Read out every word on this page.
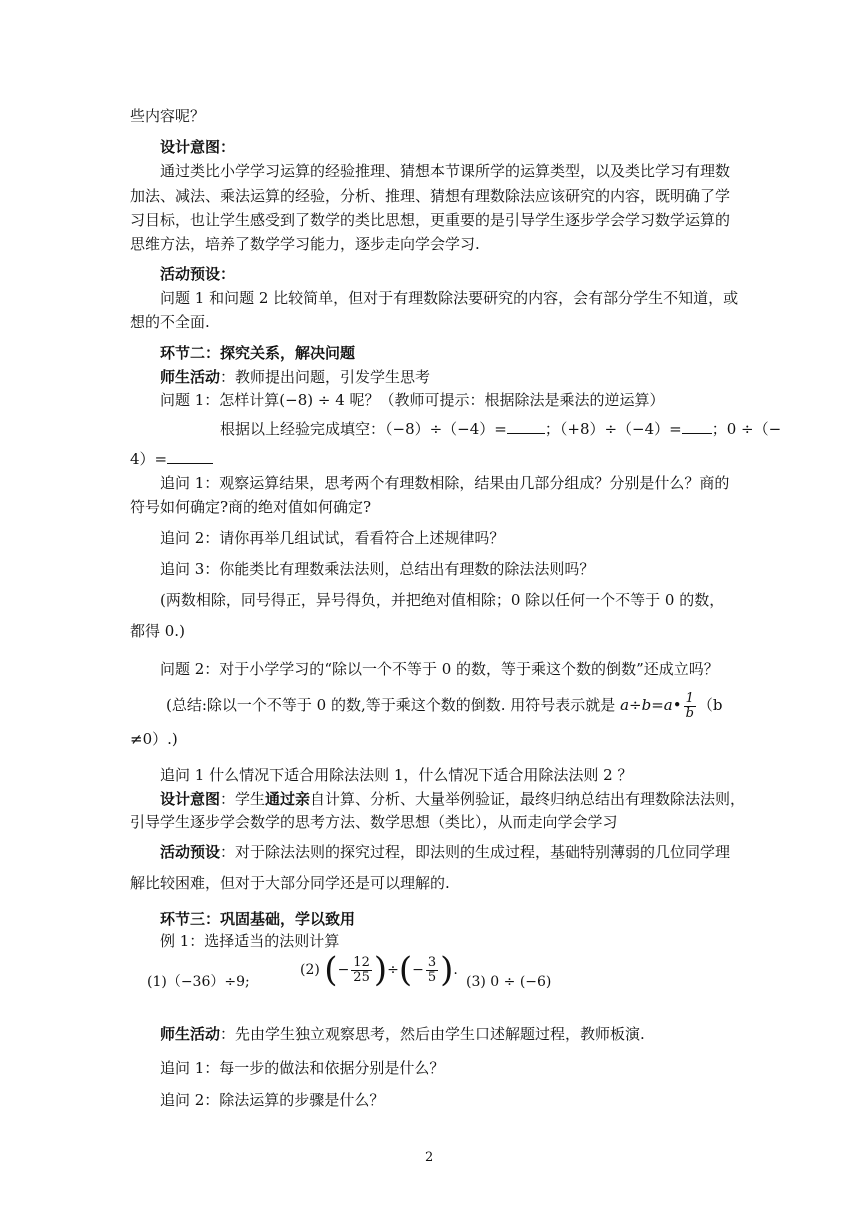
些内容呢？
设计意图：
通过类比小学学习运算的经验推理、猜想本节课所学的运算类型，以及类比学习有理数
加法、减法、乘法运算的经验，分析、推理、猜想有理数除法应该研究的内容，既明确了学
习目标，也让学生感受到了数学的类比思想，更重要的是引导学生逐步学会学习数学运算的
思维方法，培养了数学学习能力，逐步走向学会学习.
活动预设：
问题 1 和问题 2 比较简单，但对于有理数除法要研究的内容，会有部分学生不知道，或
想的不全面.
环节二：探究关系，解决问题
师生活动：教师提出问题，引发学生思考
问题 1：怎样计算(−8) ÷ 4 呢？（教师可提示：根据除法是乘法的逆运算）
根据以上经验完成填空：（−8）÷（−4）=	；（+8）÷（−4）= ；0 ÷（−
4）=
追问 1：观察运算结果，思考两个有理数相除，结果由几部分组成？分别是什么？商的
符号如何确定?商的绝对值如何确定?
追问 2：请你再举几组试试，看看符合上述规律吗？
追问 3：你能类比有理数乘法法则，总结出有理数的除法法则吗？
(两数相除，同号得正，异号得负，并把绝对值相除；0 除以任何一个不等于 0 的数，
都得 0.)
问题 2：对于小学学习的“除以一个不等于 0 的数，等于乘这个数的倒数”还成立吗？
(总结:除以一个不等于 0 的数,等于乘这个数的倒数. 用符号表示就是 a÷b=a• $\frac{1}{b} (b$
≠0）.)
追问 1 什么情况下适合用除法法则 1，什么情况下适合用除法法则 2 ？
设计意图：学生通过亲自计算、分析、大量举例验证，最终归纳总结出有理数除法法则，
引导学生逐步学会数学的思考方法、数学思想（类比），从而走向学会学习
活动预设：对于除法法则的探究过程，即法则的生成过程，基础特别薄弱的几位同学理
解比较困难，但对于大部分同学还是可以理解的.
环节三：巩固基础，学以致用
例 1：选择适当的法则计算
(1)（−36）÷9;
(2) (− $\frac{12}{25}$ )÷(− $\frac{3}{5}$ ).
(3) 0 ÷ (−6)
师生活动：先由学生独立观察思考，然后由学生口述解题过程，教师板演.
追问 1：每一步的做法和依据分别是什么？
追问 2：除法运算的步骤是什么？
2
